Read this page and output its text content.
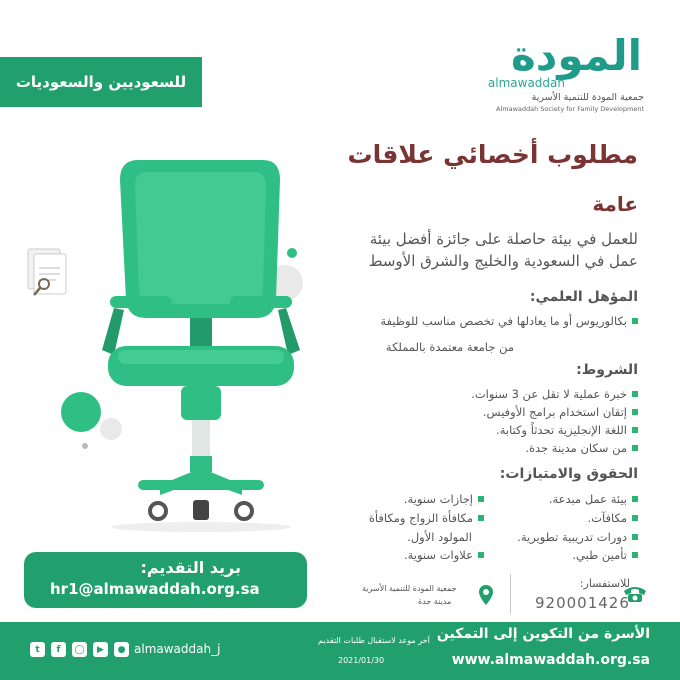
المودة
almawaddah
جمعية المودة للتنمية الأسرية
Almawaddah Society for Family Development
للسعوديين والسعوديات
مطلوب أخصائي علاقات
عامة
للعمل في بيئة حاصلة على جائزة أفضل بيئة
عمل في السعودية والخليج والشرق الأوسط
المؤهل العلمي:
بكالوريوس أو ما يعادلها في تخصص مناسب للوظيفة
من جامعة معتمدة بالمملكة
الشروط:
خبرة عملية لا تقل عن 3 سنوات.
إتقان استخدام برامج الأوفيس.
اللغة الإنجليزية تحدثاً وكتابة.
من سكان مدينة جدة.
الحقوق والامتيازات:
بيئة عمل مبدعة.
مكافآت.
دورات تدريبية تطويرية.
تأمين طبي.
إجازات سنوية.
مكافأة الزواج ومكافأة
المولود الأول.
علاوات سنوية.
بريد التقديم:
hr1@almawaddah.org.sa	جمعية المودة للتنمية الأسرية
مدينة جدة
للاستفسار:
920001426
الأسرة من التكوين إلى التمكين
www.almawaddah.org.sa
آخر موعد لاستقبال طلبات التقديم
2021/01/30
almawaddah_j
●
▶
◯
f
t
